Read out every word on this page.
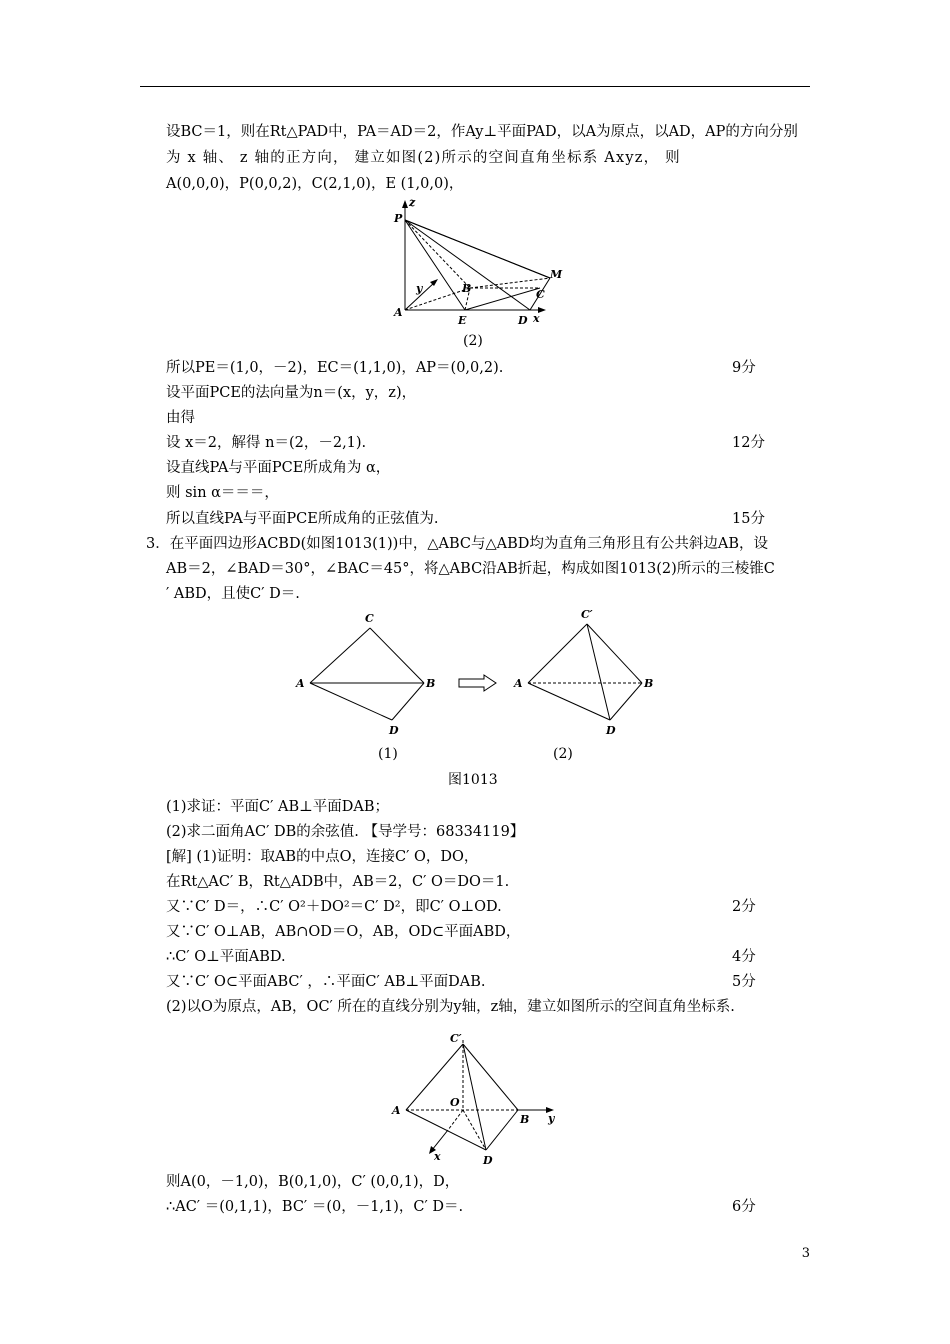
设BC＝1，则在Rt△PAD中，PA＝AD＝2，作Ay⊥平面PAD，以A为原点，以AD，AP的方向分别
为 x 轴、 z 轴的正方向， 建立如图(2)所示的空间直角坐标系 Axyz， 则
A(0,0,0)，P(0,0,2)，C(2,1,0)，E (1,0,0)，
P
z
y
A
B
M
C
E	D x
(2)
所以PE＝(1,0，－2)，EC＝(1,1,0)，AP＝(0,0,2).	9分
设平面PCE的法向量为n＝(x，y，z)，
由得
设 x＝2，解得 n＝(2，－2,1).	12分
设直线PA与平面PCE所成角为 α，
则 sin α＝＝＝，
所以直线PA与平面PCE所成角的正弦值为.	15分
3．在平面四边形ACBD(如图1013(1))中，△ABC与△ABD均为直角三角形且有公共斜边AB，设
AB＝2，∠BAD＝30°，∠BAC＝45°，将△ABC沿AB折起，构成如图1013(2)所示的三棱锥C
′ ABD，且使C′ D＝.
C
A	B
D
C′
A	B
D
(1)	(2)
图1013
(1)求证：平面C′ AB⊥平面DAB；
(2)求二面角AC′ DB的余弦值. 【导学号：68334119】
[解] (1)证明：取AB的中点O，连接C′ O，DO，
在Rt△AC′ B，Rt△ADB中，AB＝2，C′ O＝DO＝1.
又∵C′ D＝，∴C′ O²＋DO²＝C′ D²，即C′ O⊥OD.	2分
又∵C′ O⊥AB，AB∩OD＝O，AB，OD⊂平面ABD，
∴C′ O⊥平面ABD.	4分
又∵C′ O⊂平面ABC′ ，∴平面C′ AB⊥平面DAB.	5分
(2)以O为原点，AB，OC′ 所在的直线分别为y轴，z轴，建立如图所示的空间直角坐标系.
C′
A
O
B y
x	D
则A(0，－1,0)，B(0,1,0)，C′ (0,0,1)，D，
∴AC′ ＝(0,1,1)，BC′ ＝(0，－1,1)，C′ D＝.	6分
3
